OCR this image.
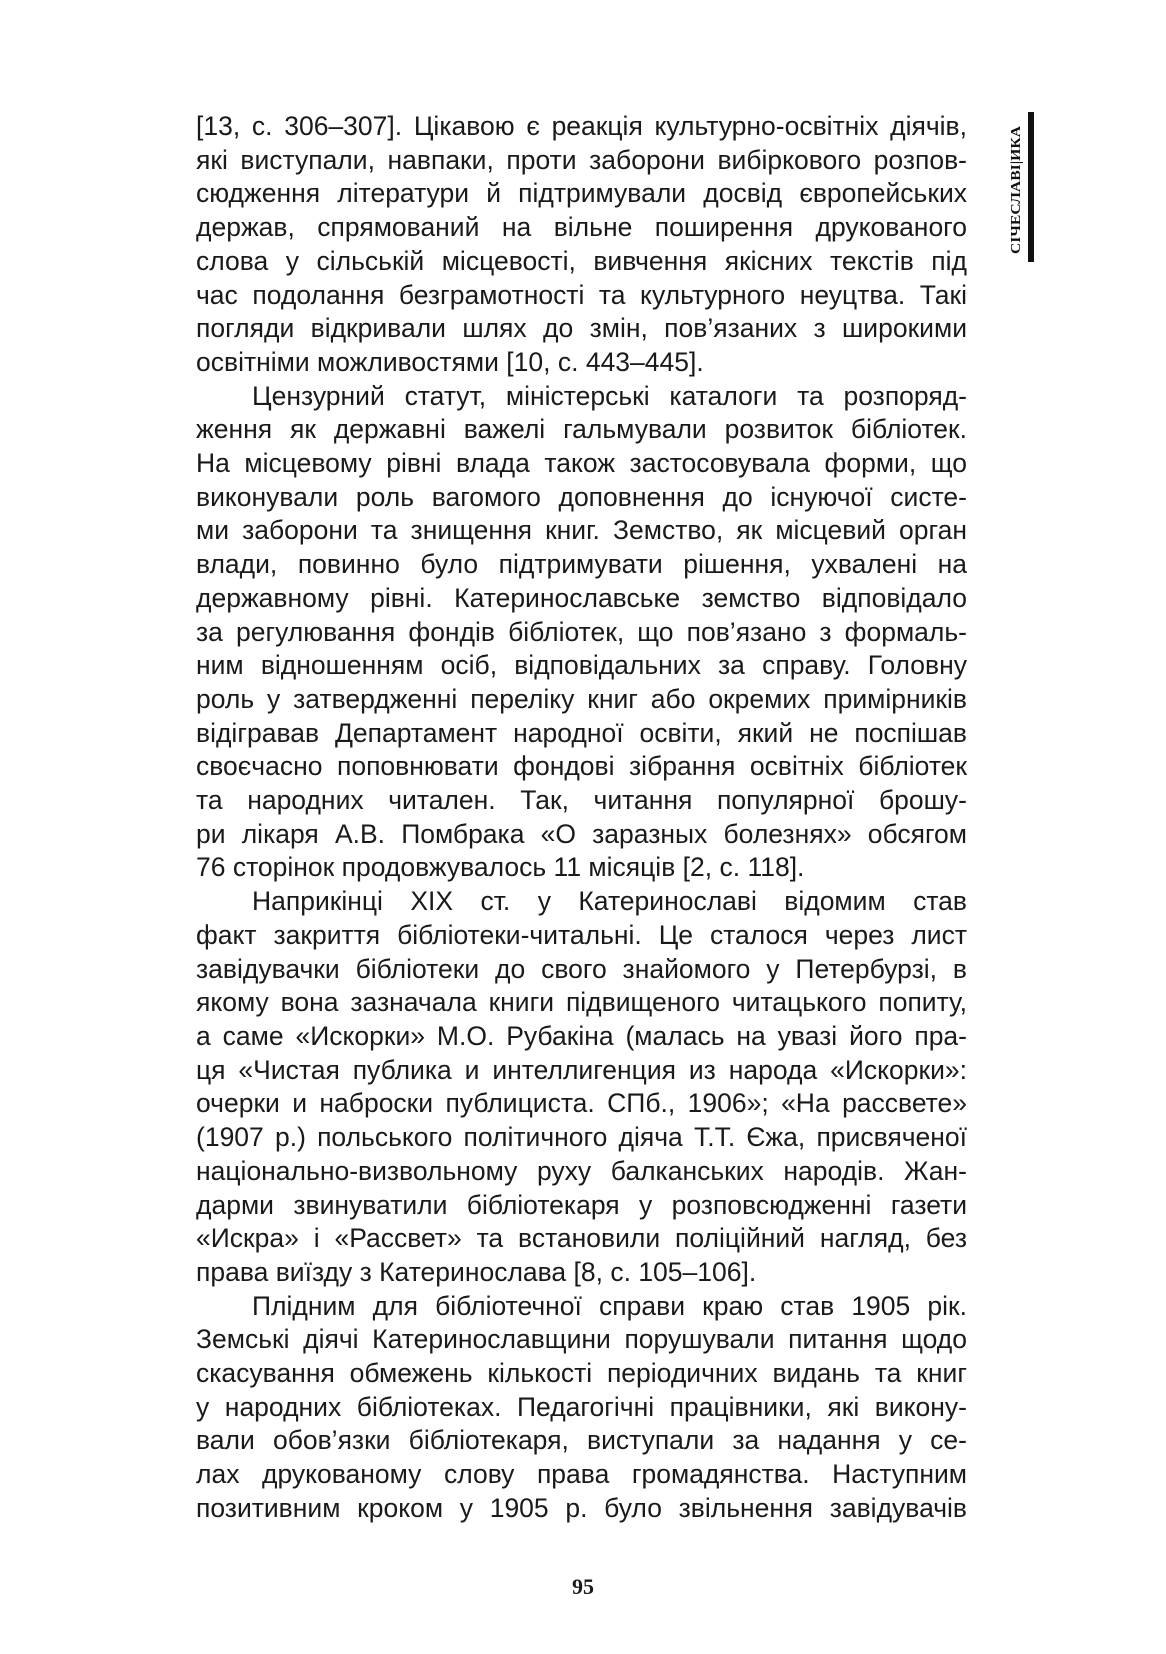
[13, с. 306–307]. Цікавою є реакція культурно-освітніх діячів,
які виступали, навпаки, проти заборони вибіркового розпов-
сюдження літератури й підтримували досвід європейських
держав, спрямований на вільне поширення друкованого
слова у сільській місцевості, вивчення якісних текстів під
час подолання безграмотності та культурного неуцтва. Такі
погляди відкривали шлях до змін, пов’язаних з широкими
освітніми можливостями [10, с. 443–445].

Цензурний статут, міністерські каталоги та розпоряд-
ження як державні важелі гальмували розвиток бібліотек.
На місцевому рівні влада також застосовувала форми, що
виконували роль вагомого доповнення до існуючої систе-
ми заборони та знищення книг. Земство, як місцевий орган
влади, повинно було підтримувати рішення, ухвалені на
державному рівні. Катеринославське земство відповідало
за регулювання фондів бібліотек, що пов’язано з формаль-
ним відношенням осіб, відповідальних за справу. Головну
роль у затвердженні переліку книг або окремих примірників
відігравав Департамент народної освіти, який не поспішав
своєчасно поповнювати фондові зібрання освітніх бібліотек
та народних читален. Так, читання популярної брошу-
ри лікаря А.В. Помбрака «О заразных болезнях» обсягом
76 сторінок продовжувалось 11 місяців [2, с. 118].

Наприкінці ХІХ ст. у Катеринославі відомим став
факт закриття бібліотеки-читальні. Це сталося через лист
завідувачки бібліотеки до свого знайомого у Петербурзі, в
якому вона зазначала книги підвищеного читацького попиту,
а саме «Искорки» М.О. Рубакіна (малась на увазі його пра-
ця «Чистая публика и интеллигенция из народа «Искорки»:
очерки и наброски публициста. СПб., 1906»; «На рассвете»
(1907 р.) польського політичного діяча Т.Т. Єжа, присвяченої
національно-визвольному руху балканських народів. Жан-
дарми звинуватили бібліотекаря у розповсюдженні газети
«Искра» і «Рассвет» та встановили поліційний нагляд, без
права виїзду з Катеринослава [8, с. 105–106].

Плідним для бібліотечної справи краю став 1905 рік.
Земські діячі Катеринославщини порушували питання щодо
скасування обмежень кількості періодичних видань та книг
у народних бібліотеках. Педагогічні працівники, які викону-
вали обов’язки бібліотекаря, виступали за надання у се-
лах друкованому слову права громадянства. Наступним
позитивним кроком у 1905 р. було звільнення завідувачів

СІЧЕСЛАВІ|ИКА
95
